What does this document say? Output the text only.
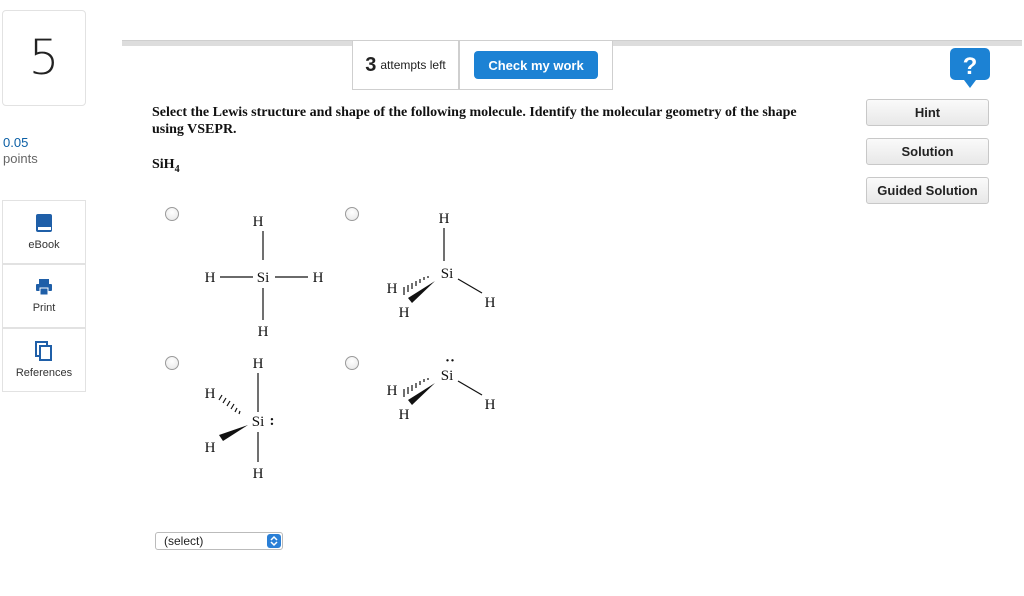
5
0.05
points
eBook
Print
References
3 attempts left	Check my work	?
Hint
Solution
Guided Solution
Select the Lewis structure and shape of the following molecule. Identify the molecular geometry of the shape using VSEPR.
SiH$_4$
H
H	Si	H
H
H
Si
H
H
H
H
H
Si :
H
H
··
Si
H
H
H
(select)
